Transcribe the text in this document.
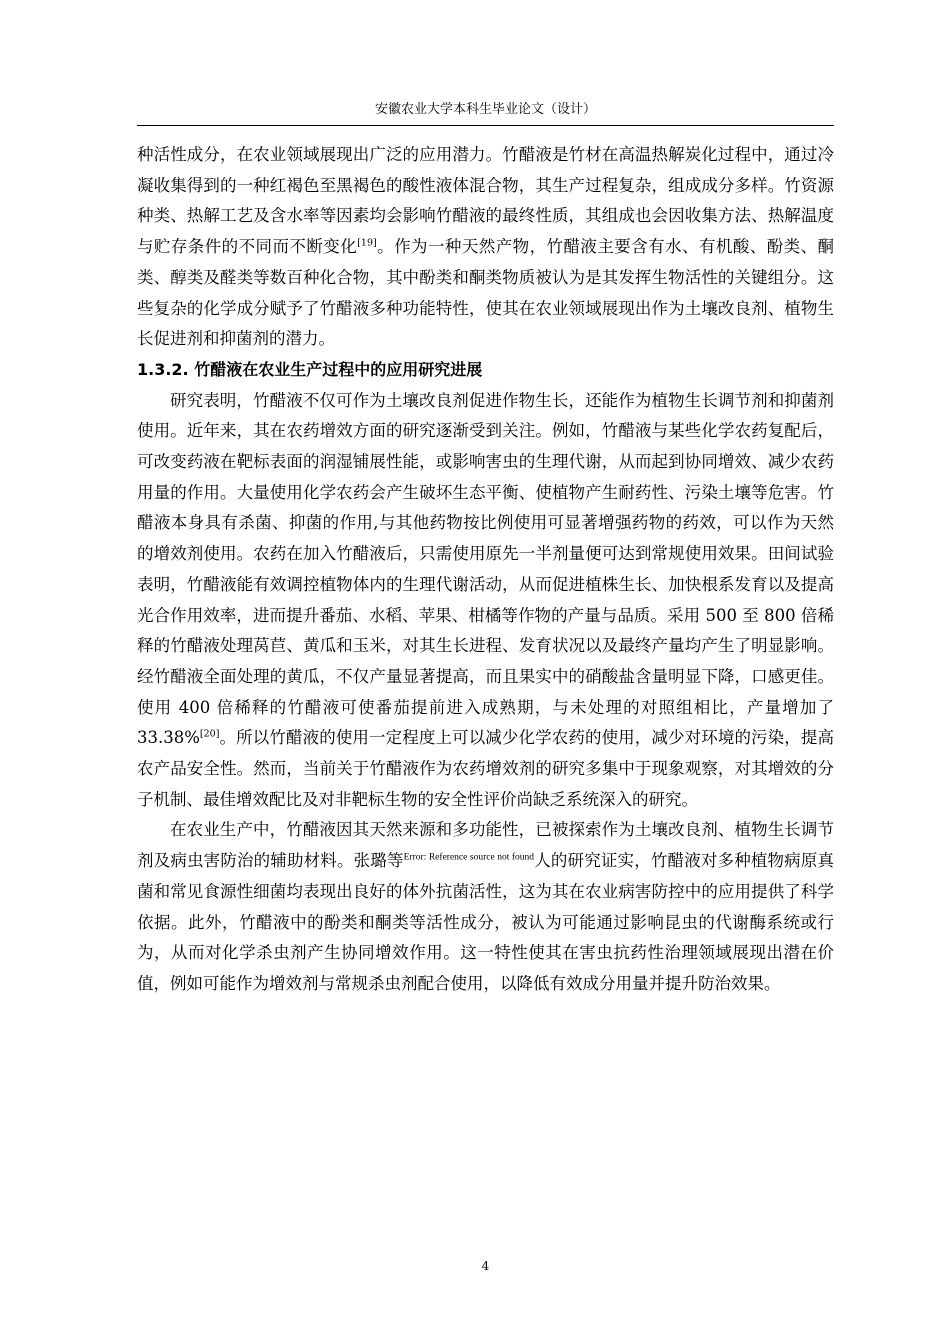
安徽农业大学本科生毕业论文（设计）

种活性成分，在农业领域展现出广泛的应用潜力。竹醋液是竹材在高温热解炭化过程中，通过冷凝收集得到的一种红褐色至黑褐色的酸性液体混合物，其生产过程复杂，组成成分多样。竹资源种类、热解工艺及含水率等因素均会影响竹醋液的最终性质，其组成也会因收集方法、热解温度与贮存条件的不同而不断变化[19]。作为一种天然产物，竹醋液主要含有水、有机酸、酚类、酮类、醇类及醛类等数百种化合物，其中酚类和酮类物质被认为是其发挥生物活性的关键组分。这些复杂的化学成分赋予了竹醋液多种功能特性，使其在农业领域展现出作为土壤改良剂、植物生长促进剂和抑菌剂的潜力。

1.3.2. 竹醋液在农业生产过程中的应用研究进展

研究表明，竹醋液不仅可作为土壤改良剂促进作物生长，还能作为植物生长调节剂和抑菌剂使用。近年来，其在农药增效方面的研究逐渐受到关注。例如，竹醋液与某些化学农药复配后，可改变药液在靶标表面的润湿铺展性能，或影响害虫的生理代谢，从而起到协同增效、减少农药用量的作用。大量使用化学农药会产生破坏生态平衡、使植物产生耐药性、污染土壤等危害。竹醋液本身具有杀菌、抑菌的作用,与其他药物按比例使用可显著增强药物的药效，可以作为天然的增效剂使用。农药在加入竹醋液后，只需使用原先一半剂量便可达到常规使用效果。田间试验表明，竹醋液能有效调控植物体内的生理代谢活动，从而促进植株生长、加快根系发育以及提高光合作用效率，进而提升番茄、水稻、苹果、柑橘等作物的产量与品质。采用 500 至 800 倍稀释的竹醋液处理莴苣、黄瓜和玉米，对其生长进程、发育状况以及最终产量均产生了明显影响。经竹醋液全面处理的黄瓜，不仅产量显著提高，而且果实中的硝酸盐含量明显下降，口感更佳。使用 400 倍稀释的竹醋液可使番茄提前进入成熟期，与未处理的对照组相比，产量增加了 33.38%[20]。所以竹醋液的使用一定程度上可以减少化学农药的使用，减少对环境的污染，提高农产品安全性。然而，当前关于竹醋液作为农药增效剂的研究多集中于现象观察，对其增效的分子机制、最佳增效配比及对非靶标生物的安全性评价尚缺乏系统深入的研究。

在农业生产中，竹醋液因其天然来源和多功能性，已被探索作为土壤改良剂、植物生长调节剂及病虫害防治的辅助材料。张璐等$^{Error: Reference source not found}$人的研究证实，竹醋液对多种植物病原真菌和常见食源性细菌均表现出良好的体外抗菌活性，这为其在农业病害防控中的应用提供了科学依据。此外，竹醋液中的酚类和酮类等活性成分，被认为可能通过影响昆虫的代谢酶系统或行为，从而对化学杀虫剂产生协同增效作用。这一特性使其在害虫抗药性治理领域展现出潜在价值，例如可能作为增效剂与常规杀虫剂配合使用，以降低有效成分用量并提升防治效果。

4
